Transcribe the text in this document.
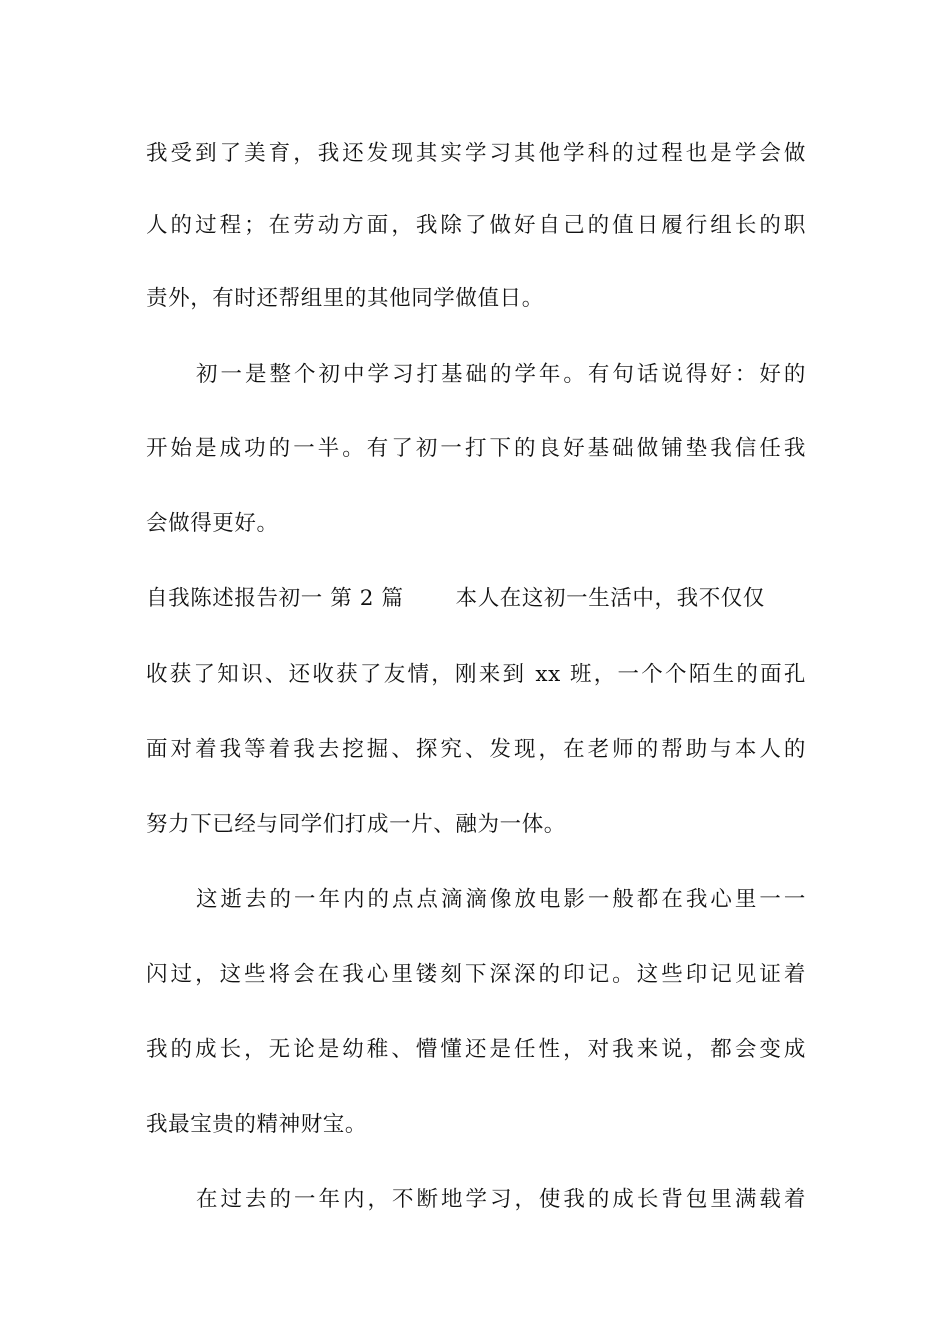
我受到了美育，我还发现其实学习其他学科的过程也是学会做
人的过程；在劳动方面，我除了做好自己的值日履行组长的职
责外，有时还帮组里的其他同学做值日。
初一是整个初中学习打基础的学年。有句话说得好：好的
开始是成功的一半。有了初一打下的良好基础做铺垫我信任我
会做得更好。
自我陈述报告初一 第 2 篇 本人在这初一生活中，我不仅仅
收获了知识、还收获了友情，刚来到 xx 班，一个个陌生的面孔
面对着我等着我去挖掘、探究、发现，在老师的帮助与本人的
努力下已经与同学们打成一片、融为一体。
这逝去的一年内的点点滴滴像放电影一般都在我心里一一
闪过，这些将会在我心里镂刻下深深的印记。这些印记见证着
我的成长，无论是幼稚、懵懂还是任性，对我来说，都会变成
我最宝贵的精神财宝。
在过去的一年内，不断地学习，使我的成长背包里满载着
